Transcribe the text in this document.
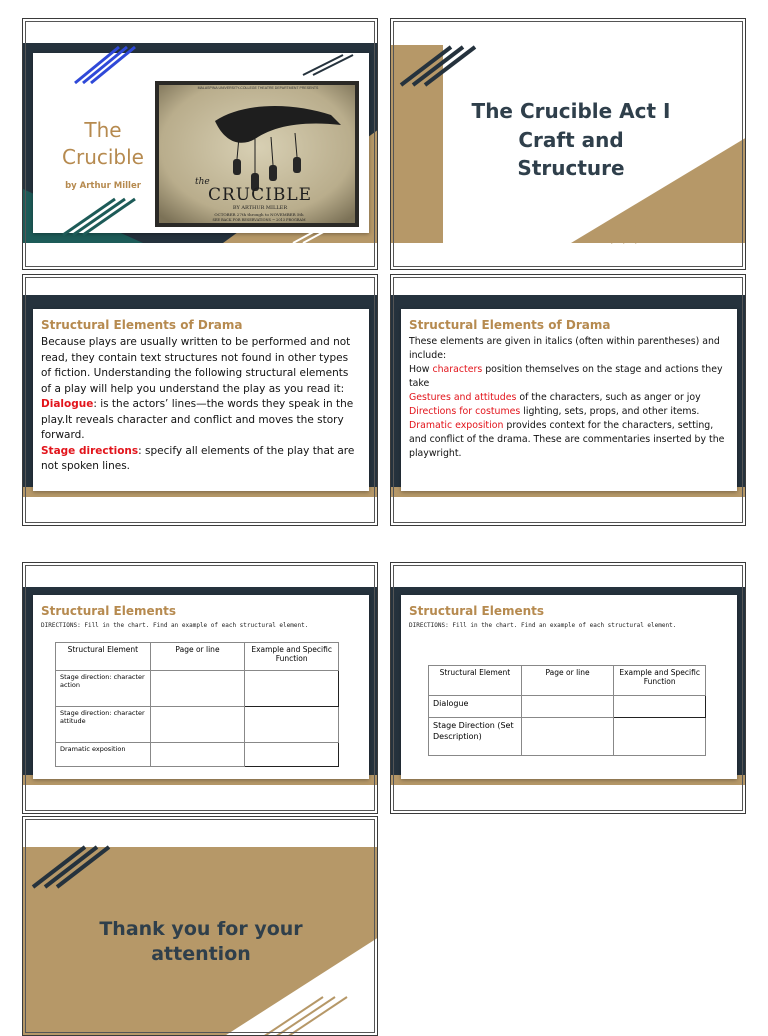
The
Crucible
by Arthur Miller
MALASPINA UNIVERSITY-COLLEGE THEATRE DEPARTMENT PRESENTS
the
CRUCIBLE
BY ARTHUR MILLER
OCTOBER 27th through to NOVEMBER 5th
SEE BACK FOR RESERVATIONS ~ 2013 PROGRAM
The Crucible Act I
Craft and
Structure
Structural Elements of Drama
Because plays are usually written to be performed and not read, they contain text structures not found in other types of fiction. Understanding the following structural elements of a play will help you understand the play as you read it:
Dialogue: is the actors’ lines—the words they speak in the play.It reveals character and conflict and moves the story forward.
Stage directions: specify all elements of the play that are not spoken lines.
Structural Elements of Drama
These elements are given in italics (often within parentheses) and include:
How characters position themselves on the stage and actions they take
Gestures and attitudes of the characters, such as anger or joy
Directions for costumes lighting, sets, props, and other items.
Dramatic exposition provides context for the characters, setting, and conflict of the drama. These are commentaries inserted by the playwright.
Structural Elements
DIRECTIONS: Fill in the chart. Find an example of each structural element.
Structural Element	Page or line	Example and Specific Function
Stage direction: character action		
Stage direction: character attitude		
Dramatic exposition		
Structural Elements
DIRECTIONS: Fill in the chart. Find an example of each structural element.
Structural Element	Page or line	Example and Specific Function
Dialogue		
Stage Direction (Set Description)		
Thank you for your
attention
